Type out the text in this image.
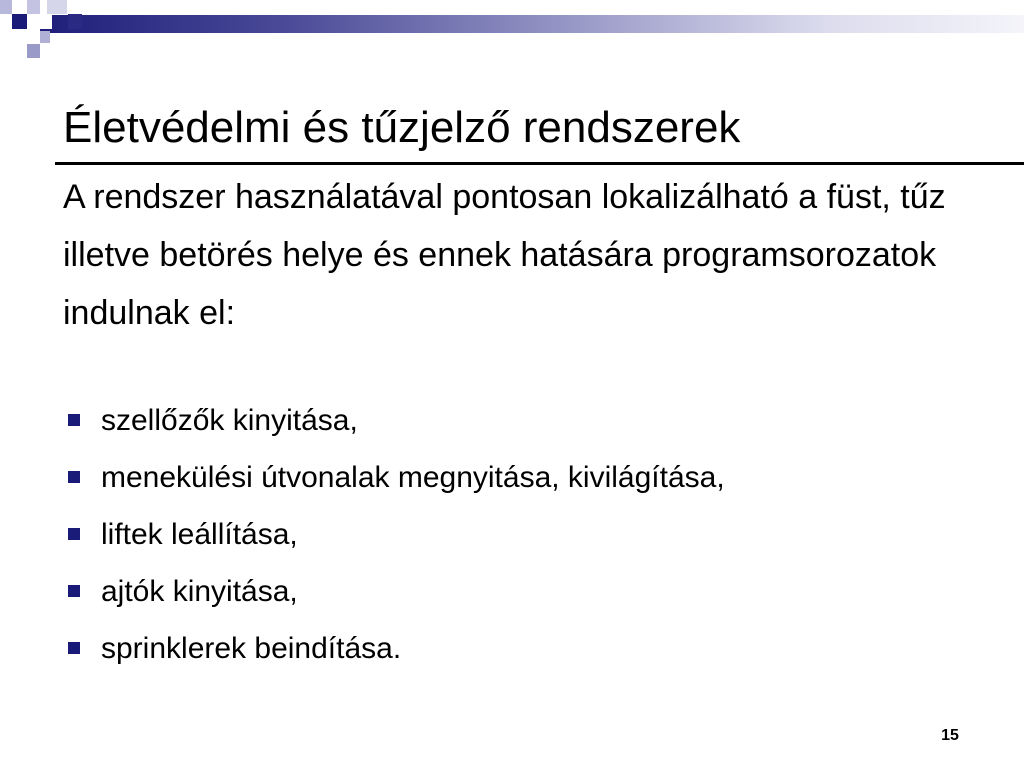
Életvédelmi és tűzjelző rendszerek

A rendszer használatával pontosan lokalizálható a füst, tűz illetve betörés helye és ennek hatására programsorozatok indulnak el:

szellőzők kinyitása,
menekülési útvonalak megnyitása, kivilágítása,
liftek leállítása,
ajtók kinyitása,
sprinklerek beindítása.
15
